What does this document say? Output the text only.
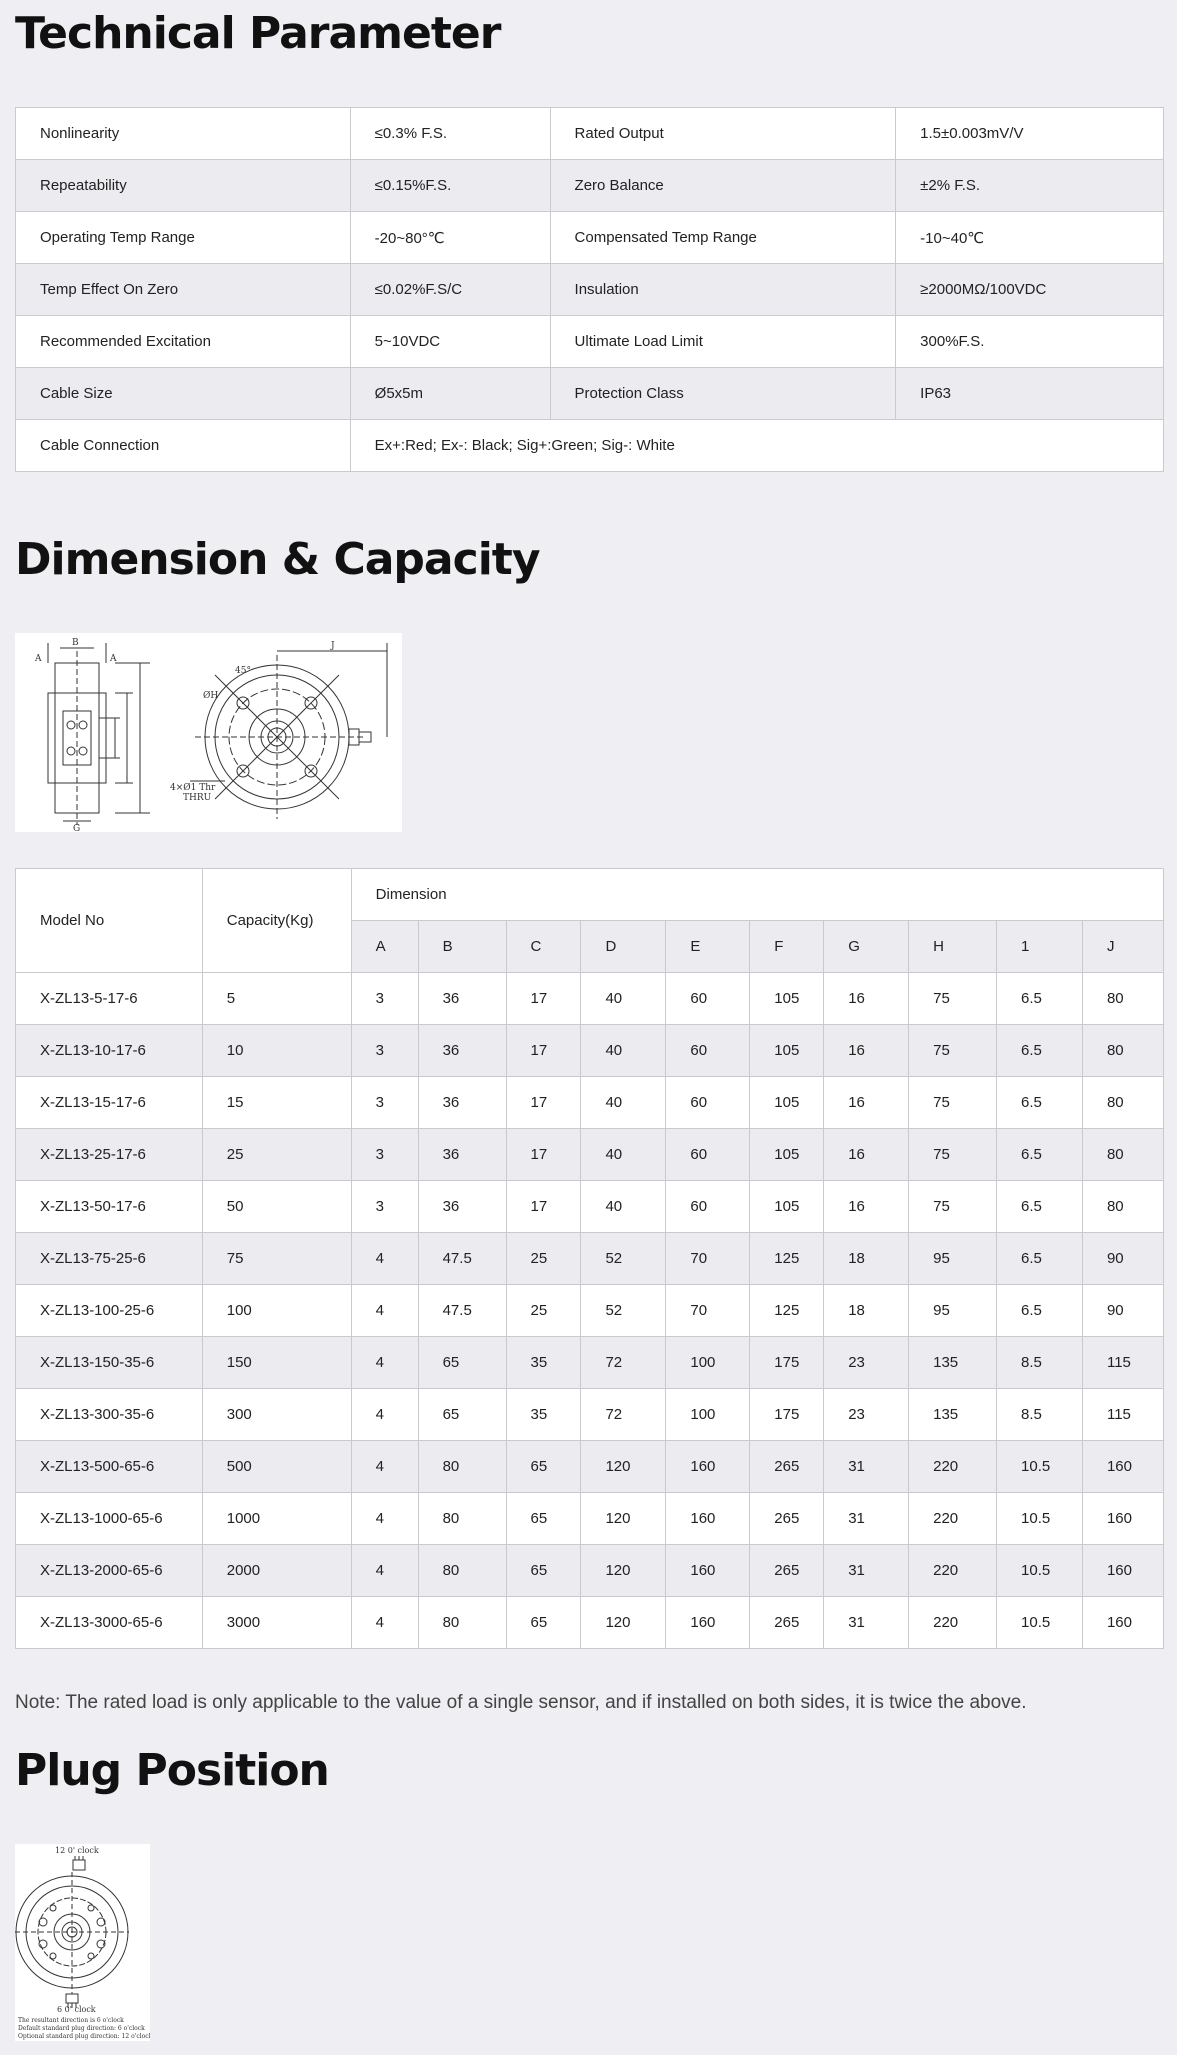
Technical Parameter
Nonlinearity	≤0.3% F.S.	Rated Output	1.5±0.003mV/V
Repeatability	≤0.15%F.S.	Zero Balance	±2% F.S.
Operating Temp Range	-20~80°℃	Compensated Temp Range	-10~40℃
Temp Effect On Zero	≤0.02%F.S/C	Insulation	≥2000MΩ/100VDC
Recommended Excitation	5~10VDC	Ultimate Load Limit	300%F.S.
Cable Size	Ø5x5m	Protection Class	IP63
Cable Connection	Ex+:Red; Ex-: Black; Sig+:Green; Sig-: White		
Dimension & Capacity
A
B
A
G
J
45°
ØH
4×Ø1 Thr
THRU
Model No	Capacity(Kg)	Dimension									
		A	B	C	D	E	F	G	H	1	J
X-ZL13-5-17-6	5	3	36	17	40	60	105	16	75	6.5	80
X-ZL13-10-17-6	10	3	36	17	40	60	105	16	75	6.5	80
X-ZL13-15-17-6	15	3	36	17	40	60	105	16	75	6.5	80
X-ZL13-25-17-6	25	3	36	17	40	60	105	16	75	6.5	80
X-ZL13-50-17-6	50	3	36	17	40	60	105	16	75	6.5	80
X-ZL13-75-25-6	75	4	47.5	25	52	70	125	18	95	6.5	90
X-ZL13-100-25-6	100	4	47.5	25	52	70	125	18	95	6.5	90
X-ZL13-150-35-6	150	4	65	35	72	100	175	23	135	8.5	115
X-ZL13-300-35-6	300	4	65	35	72	100	175	23	135	8.5	115
X-ZL13-500-65-6	500	4	80	65	120	160	265	31	220	10.5	160
X-ZL13-1000-65-6	1000	4	80	65	120	160	265	31	220	10.5	160
X-ZL13-2000-65-6	2000	4	80	65	120	160	265	31	220	10.5	160
X-ZL13-3000-65-6	3000	4	80	65	120	160	265	31	220	10.5	160

Note: The rated load is only applicable to the value of a single sensor, and if installed on both sides, it is twice the above.

Plug Position
12 0' clock
6 0' clock
The resultant direction is 6 o'clock
Default standard plug direction: 6 o'clock
Optional standard plug direction: 12 o'clock
